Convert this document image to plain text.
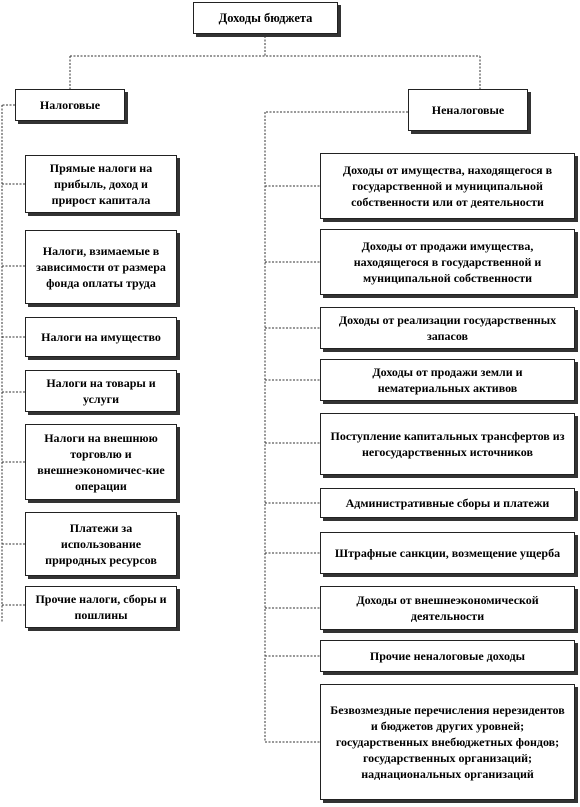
Доходы бюджета
Налоговые	Неналоговые
Прямые налоги на прибыль, доход и прирост капитала
Налоги, взимаемые в зависимости от размера фонда оплаты труда
Налоги на имущество
Налоги на товары и услуги
Налоги на внешнюю торговлю и внешнеэкономичес-кие операции
Платежи за использование природных ресурсов
Прочие налоги, сборы и пошлины
Доходы от имущества, находящегося в государственной и муниципальной собственности или от деятельности
Доходы от продажи имущества, находящегося в государственной и муниципальной собственности
Доходы от реализации государственных запасов
Доходы от продажи земли и нематериальных активов
Поступление капитальных трансфертов из негосударственных источников
Административные сборы и платежи
Штрафные санкции, возмещение ущерба
Доходы от внешнеэкономической деятельности
Прочие неналоговые доходы
Безвозмездные перечисления нерезидентов и бюджетов других уровней; государственных внебюджетных фондов; государственных организаций; наднациональных организаций
